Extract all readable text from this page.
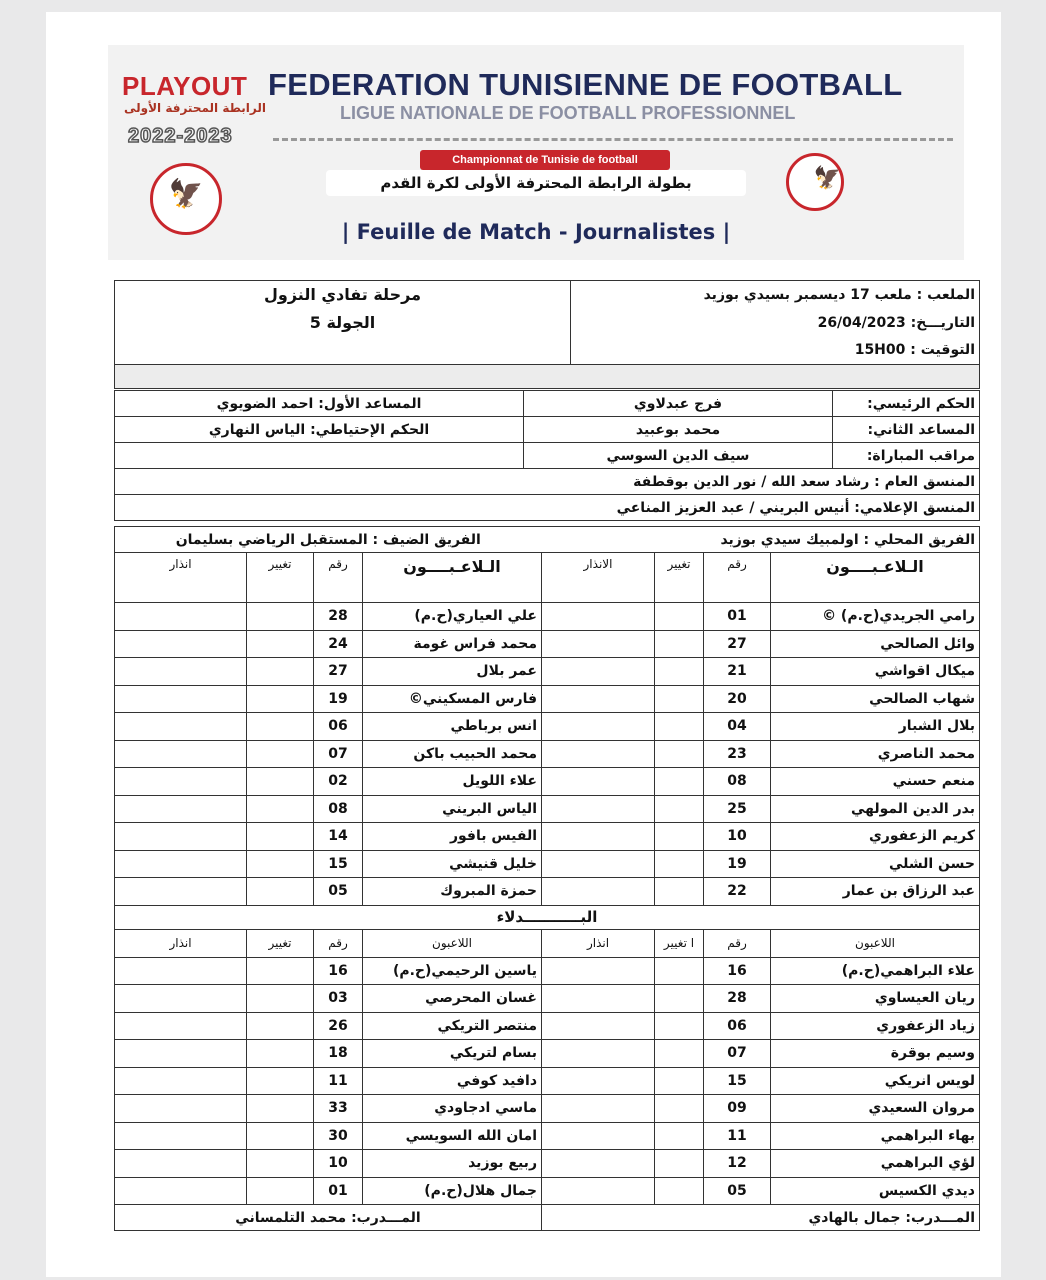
PLAYOUT
الرابطة المحترفة الأولى
2022-2023
FEDERATION TUNISIENNE DE FOOTBALL
LIGUE NATIONALE DE FOOTBALL PROFESSIONNEL
🦅	🦅
Championnat de Tunisie de football
بطولة الرابطة المحترفة الأولى لكرة القدم
| Feuille de Match - Journalistes |
الملعب : ملعب 17 ديسمبر بسيدي بوزيد	مرحلة تفادي النزول
التاريـــخ: 26/04/2023	الجولة 5
التوقيت : 15H00	

الحكم الرئيسي:	فرج عبدلاوي	المساعد الأول: احمد الضويوي
المساعد الثاني:	محمد بوعبيد	الحكم الإحتياطي: الياس النهاري
مراقب المباراة:	سيف الدين السوسي	
المنسق العام : رشاد سعد الله / نور الدين بوقطفة		
المنسق الإعلامي: أنيس البريني / عبد العزيز المناعي		
الفريق المحلي : اولمبيك سيدي بوزيد				الفريق الضيف : المستقبل الرياضي بسليمان			
الـلاعـبــــون	رقم	تغيير	الانذار	الـلاعـبــــون	رقم	تغيير	انذار
رامي الجريدي(ح.م) ©	01			علي العياري(ح.م)	28		
وائل الصالحي	27			محمد فراس غومة	24		
ميكال اقواشي	21			عمر بلال	27		
شهاب الصالحي	20			فارس المسكيني©	19		
بلال الشبار	04			انس برباطي	06		
محمد الناصري	23			محمد الحبيب باكن	07		
منعم حسني	08			علاء اللويل	02		
بدر الدين المولهي	25			الياس البريني	08		
كريم الزعفوري	10			الفيس بافور	14		
حسن الشلي	19			خليل قنيشي	15		
عبد الرزاق بن عمار	22			حمزة المبروك	05		
البـــــــــــدلاء							
اللاعبون	رقم	ا تغيير	انذار	اللاعبون	رقم	تغيير	انذار
علاء البراهمي(ح.م)	16			ياسين الرحيمي(ح.م)	16		
ريان العيساوي	28			غسان المحرصي	03		
زياد الزعفوري	06			منتصر التريكي	26		
وسيم بوقرة	07			بسام لتريكي	18		
لويس انريكي	15			دافيد كوفي	11		
مروان السعيدي	09			ماسي ادجاودي	33		
بهاء البراهمي	11			امان الله السويسي	30		
لؤي البراهمي	12			ربيع بوزيد	10		
ديدي الكسيس	05			جمال هلال(ح.م)	01		
المـــدرب: جمال بالهادي				المـــدرب: محمد التلمساني			
